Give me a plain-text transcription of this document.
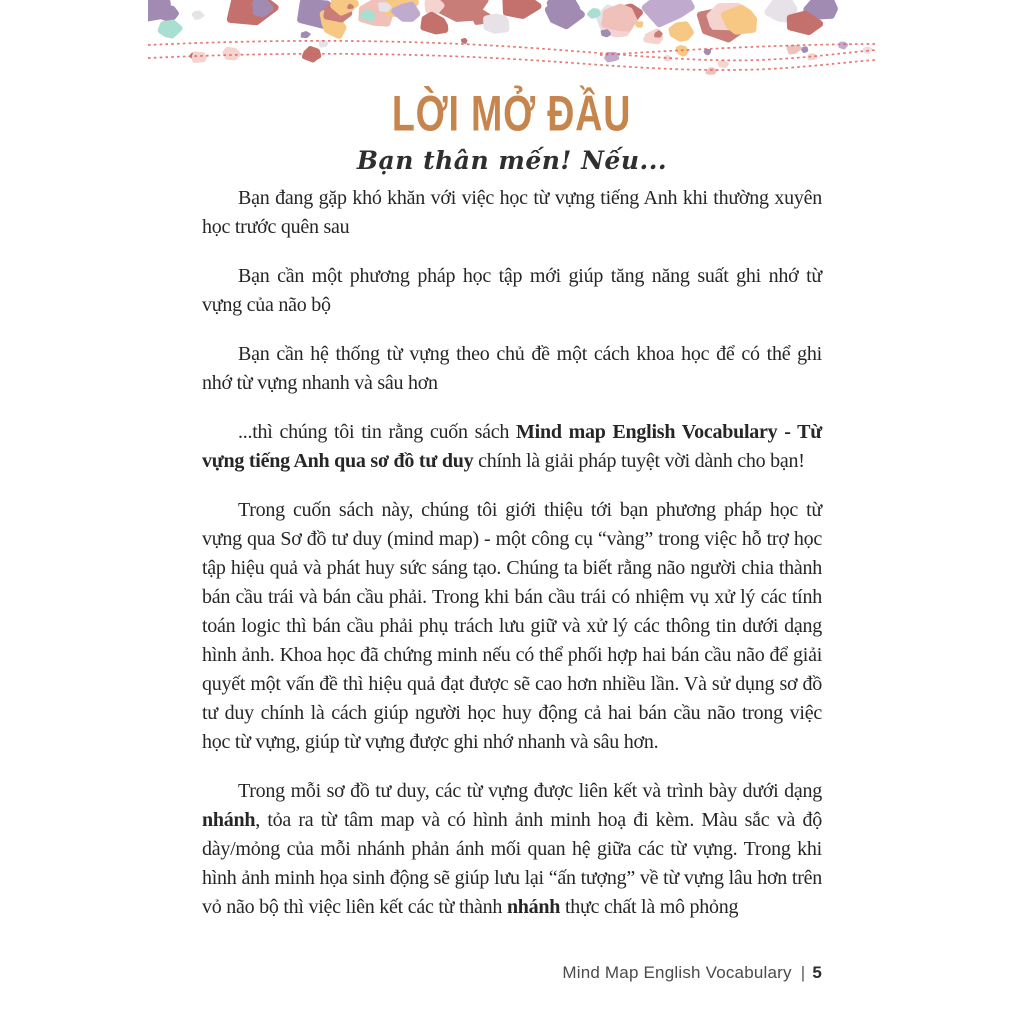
LỜI MỞ ĐẦU
Bạn thân mến! Nếu...

Bạn đang gặp khó khăn với việc học từ vựng tiếng Anh khi thường xuyên học trước quên sau

Bạn cần một phương pháp học tập mới giúp tăng năng suất ghi nhớ từ vựng của não bộ

Bạn cần hệ thống từ vựng theo chủ đề một cách khoa học để có thể ghi nhớ từ vựng nhanh và sâu hơn

...thì chúng tôi tin rằng cuốn sách Mind map English Vocabulary - Từ vựng tiếng Anh qua sơ đồ tư duy chính là giải pháp tuyệt vời dành cho bạn!

Trong cuốn sách này, chúng tôi giới thiệu tới bạn phương pháp học từ vựng qua Sơ đồ tư duy (mind map) - một công cụ “vàng” trong việc hỗ trợ học tập hiệu quả và phát huy sức sáng tạo. Chúng ta biết rằng não người chia thành bán cầu trái và bán cầu phải. Trong khi bán cầu trái có nhiệm vụ xử lý các tính toán logic thì bán cầu phải phụ trách lưu giữ và xử lý các thông tin dưới dạng hình ảnh. Khoa học đã chứng minh nếu có thể phối hợp hai bán cầu não để giải quyết một vấn đề thì hiệu quả đạt được sẽ cao hơn nhiều lần. Và sử dụng sơ đồ tư duy chính là cách giúp người học huy động cả hai bán cầu não trong việc học từ vựng, giúp từ vựng được ghi nhớ nhanh và sâu hơn.

Trong mỗi sơ đồ tư duy, các từ vựng được liên kết và trình bày dưới dạng nhánh, tỏa ra từ tâm map và có hình ảnh minh hoạ đi kèm. Màu sắc và độ dày/mỏng của mỗi nhánh phản ánh mối quan hệ giữa các từ vựng. Trong khi hình ảnh minh họa sinh động sẽ giúp lưu lại “ấn tượng” về từ vựng lâu hơn trên vỏ não bộ thì việc liên kết các từ thành nhánh thực chất là mô phỏng

Mind Map English Vocabulary | 5
